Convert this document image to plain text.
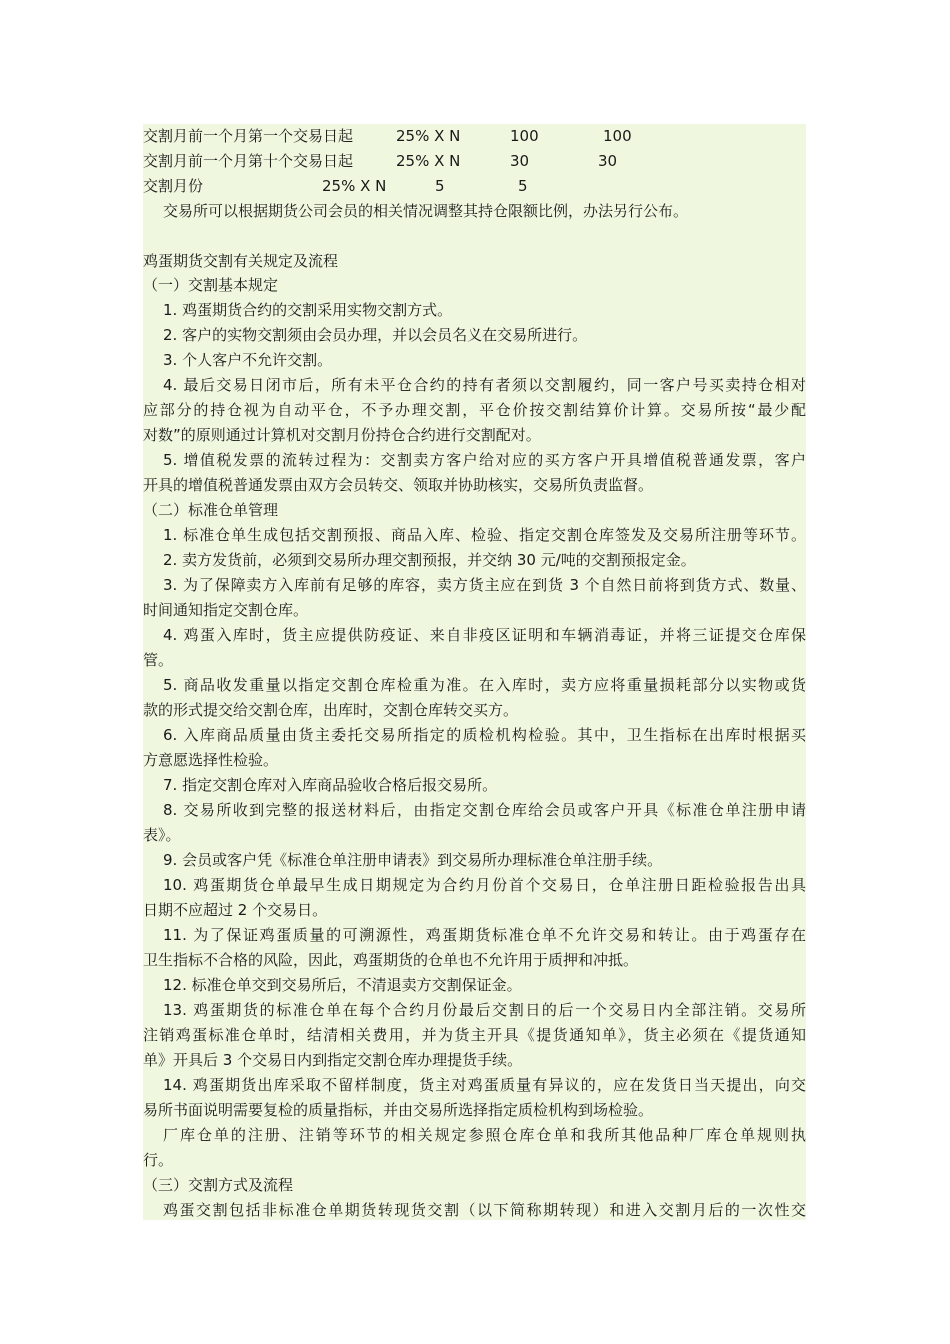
交割月前一个月第一个交易日起	25% X N	100	100
交割月前一个月第十个交易日起	25% X N	30	30
交割月份	25% X N	5	5
交易所可以根据期货公司会员的相关情况调整其持仓限额比例，办法另行公布。
鸡蛋期货交割有关规定及流程
（一）交割基本规定
1. 鸡蛋期货合约的交割采用实物交割方式。
2. 客户的实物交割须由会员办理，并以会员名义在交易所进行。
3. 个人客户不允许交割。
4. 最后交易日闭市后，所有未平仓合约的持有者须以交割履约，同一客户号买卖持仓相对
应部分的持仓视为自动平仓，不予办理交割，平仓价按交割结算价计算。交易所按“最少配
对数”的原则通过计算机对交割月份持仓合约进行交割配对。
5. 增值税发票的流转过程为：交割卖方客户给对应的买方客户开具增值税普通发票，客户
开具的增值税普通发票由双方会员转交、领取并协助核实，交易所负责监督。
（二）标准仓单管理
1. 标准仓单生成包括交割预报、商品入库、检验、指定交割仓库签发及交易所注册等环节。
2. 卖方发货前，必须到交易所办理交割预报，并交纳 30 元/吨的交割预报定金。
3. 为了保障卖方入库前有足够的库容，卖方货主应在到货 3 个自然日前将到货方式、数量、
时间通知指定交割仓库。
4. 鸡蛋入库时，货主应提供防疫证、来自非疫区证明和车辆消毒证，并将三证提交仓库保
管。
5. 商品收发重量以指定交割仓库检重为准。在入库时，卖方应将重量损耗部分以实物或货
款的形式提交给交割仓库，出库时，交割仓库转交买方。
6. 入库商品质量由货主委托交易所指定的质检机构检验。其中，卫生指标在出库时根据买
方意愿选择性检验。
7. 指定交割仓库对入库商品验收合格后报交易所。
8. 交易所收到完整的报送材料后，由指定交割仓库给会员或客户开具《标准仓单注册申请
表》。
9. 会员或客户凭《标准仓单注册申请表》到交易所办理标准仓单注册手续。
10. 鸡蛋期货仓单最早生成日期规定为合约月份首个交易日，仓单注册日距检验报告出具
日期不应超过 2 个交易日。
11. 为了保证鸡蛋质量的可溯源性，鸡蛋期货标准仓单不允许交易和转让。由于鸡蛋存在
卫生指标不合格的风险，因此，鸡蛋期货的仓单也不允许用于质押和冲抵。
12. 标准仓单交到交易所后，不清退卖方交割保证金。
13. 鸡蛋期货的标准仓单在每个合约月份最后交割日的后一个交易日内全部注销。交易所
注销鸡蛋标准仓单时，结清相关费用，并为货主开具《提货通知单》，货主必须在《提货通知
单》开具后 3 个交易日内到指定交割仓库办理提货手续。
14. 鸡蛋期货出库采取不留样制度，货主对鸡蛋质量有异议的，应在发货日当天提出，向交
易所书面说明需要复检的质量指标，并由交易所选择指定质检机构到场检验。
厂库仓单的注册、注销等环节的相关规定参照仓库仓单和我所其他品种厂库仓单规则执
行。
（三）交割方式及流程
鸡蛋交割包括非标准仓单期货转现货交割（以下简称期转现）和进入交割月后的一次性交
